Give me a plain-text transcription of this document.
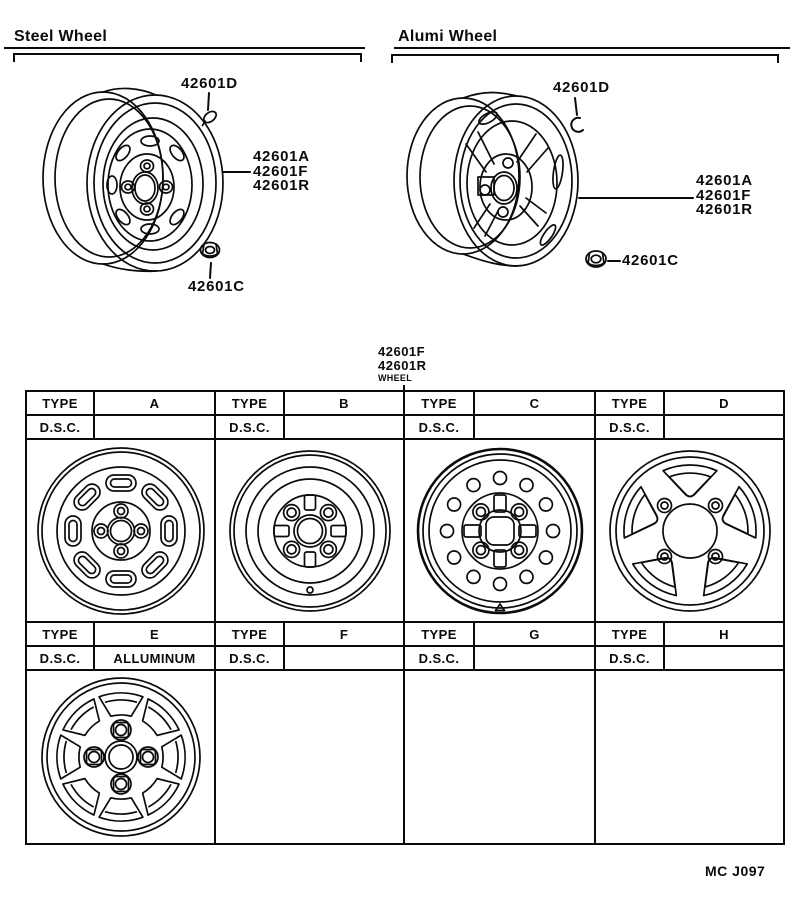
Steel Wheel	Alumi Wheel
42601D
42601A
42601F
42601R
42601C
42601D
42601A
42601F
42601R
42601C
42601F
42601R
WHEEL
TYPE	A	TYPE	B	TYPE	C	TYPE	D
D.S.C.		D.S.C.		D.S.C.		D.S.C.	

TYPE	E	TYPE	F	TYPE	G	TYPE	H
D.S.C.	ALLUMINUM	D.S.C.		D.S.C.		D.S.C.	

MC J097
